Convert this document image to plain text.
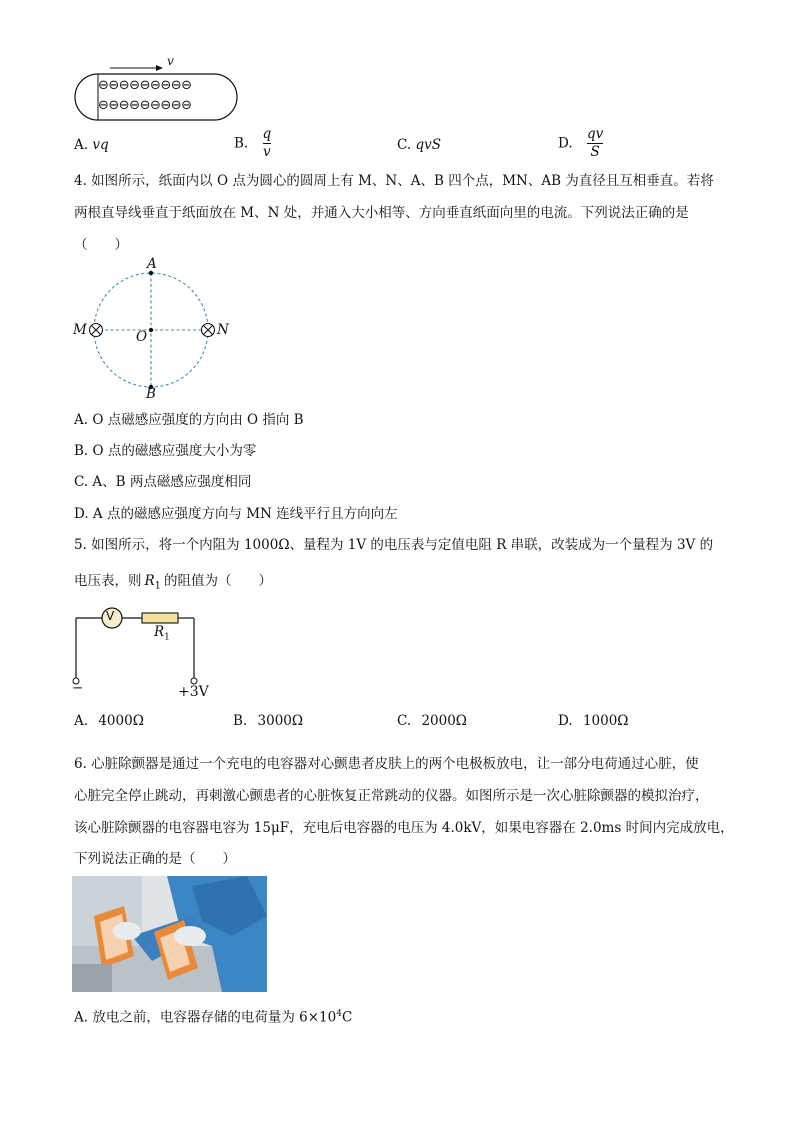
v
⊖⊖⊖⊖⊖⊖⊖⊖⊖
⊖⊖⊖⊖⊖⊖⊖⊖⊖
A. vq	B. $\frac{q}{v}$	C. qvS	D. $\frac{qv}{S}$
4. 如图所示，纸面内以 O 点为圆心的圆周上有 M、N、A、B 四个点，MN、AB 为直径且互相垂直。若将
两根直导线垂直于纸面放在 M、N 处，并通入大小相等、方向垂直纸面向里的电流。下列说法正确的是
（　　）
A
B
M	N
O
A. O 点磁感应强度的方向由 O 指向 B
B. O 点的磁感应强度大小为零
C. A、B 两点磁感应强度相同
D. A 点的磁感应强度方向与 MN 连线平行且方向向左
5. 如图所示，将一个内阻为 1000Ω、量程为 1V 的电压表与定值电阻 R 串联，改装成为一个量程为 3V 的
电压表，则 $R_1$ 的阻值为（　　）
V
$R_1$
−	+3V
A. 4000Ω	B. 3000Ω	C. 2000Ω	D. 1000Ω
6. 心脏除颤器是通过一个充电的电容器对心颤患者皮肤上的两个电极板放电，让一部分电荷通过心脏，使
心脏完全停止跳动，再刺激心颤患者的心脏恢复正常跳动的仪器。如图所示是一次心脏除颤器的模拟治疗，
该心脏除颤器的电容器电容为 15μF，充电后电容器的电压为 4.0kV，如果电容器在 2.0ms 时间内完成放电，
下列说法正确的是（　　）
A. 放电之前，电容器存储的电荷量为 $6\times 10^4C$
